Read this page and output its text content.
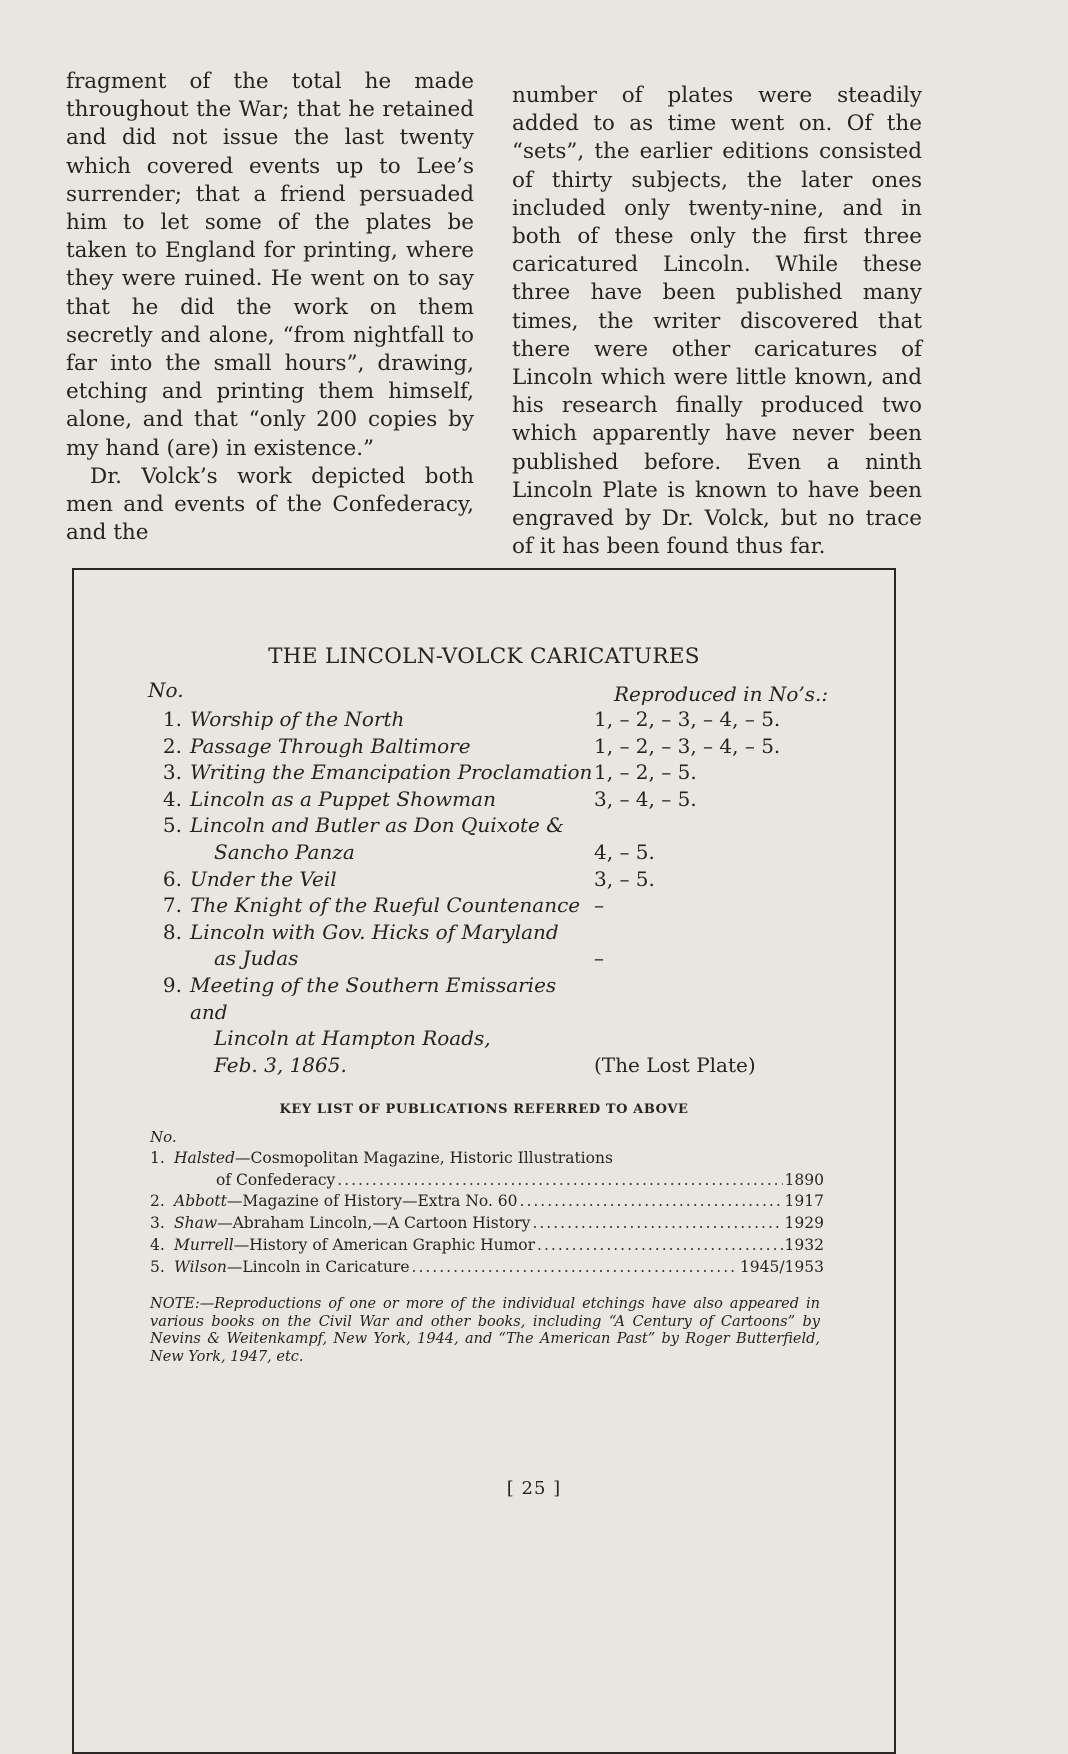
fragment of the total he made throughout the War; that he retained and did not issue the last twenty which covered events up to Lee’s surrender; that a friend persuaded him to let some of the plates be taken to England for printing, where they were ruined. He went on to say that he did the work on them secretly and alone, “from nightfall to far into the small hours”, drawing, etching and printing them himself, alone, and that “only 200 copies by my hand (are) in existence.”

Dr. Volck’s work depicted both men and events of the Confederacy, and the

number of plates were steadily added to as time went on. Of the “sets”, the earlier editions consisted of thirty subjects, the later ones included only twenty-nine, and in both of these only the first three caricatured Lincoln. While these three have been published many times, the writer discovered that there were other caricatures of Lincoln which were little known, and his research finally produced two which apparently have never been published before. Even a ninth Lincoln Plate is known to have been engraved by Dr. Volck, but no trace of it has been found thus far.

THE LINCOLN-VOLCK CARICATURES
No.	Reproduced in No’s.:
1. Worship of the North	1, – 2, – 3, – 4, – 5.
2. Passage Through Baltimore	1, – 2, – 3, – 4, – 5.
3. Writing the Emancipation Proclamation 1, – 2, – 5.
4. Lincoln as a Puppet Showman	3, – 4, – 5.
5. Lincoln and Butler as Don Quixote &
Sancho Panza	4, – 5.
6. Under the Veil	3, – 5.
7. The Knight of the Rueful Countenance –
8. Lincoln with Gov. Hicks of Maryland
as Judas	–
9. Meeting of the Southern Emissaries and
Lincoln at Hampton Roads,
Feb. 3, 1865.	(The Lost Plate)
KEY LIST OF PUBLICATIONS REFERRED TO ABOVE
No.
1. Halsted —Cosmopolitan Magazine, Historic Illustrations
of Confederacy .....	1890
2. Abbott —Magazine of History—Extra No. 60 .....	1917
3. Shaw —Abraham Lincoln,—A Cartoon History .....	1929
4. Murrell —History of American Graphic Humor .....	1932
5. Wilson —Lincoln in Caricature .....	1945/1953
NOTE:—Reproductions of one or more of the individual etchings have also appeared in various books on the Civil War and other books, including “A Century of Cartoons” by Nevins & Weitenkampf, New York, 1944, and “The American Past” by Roger Butterfield, New York, 1947, etc.
[ 25 ]
